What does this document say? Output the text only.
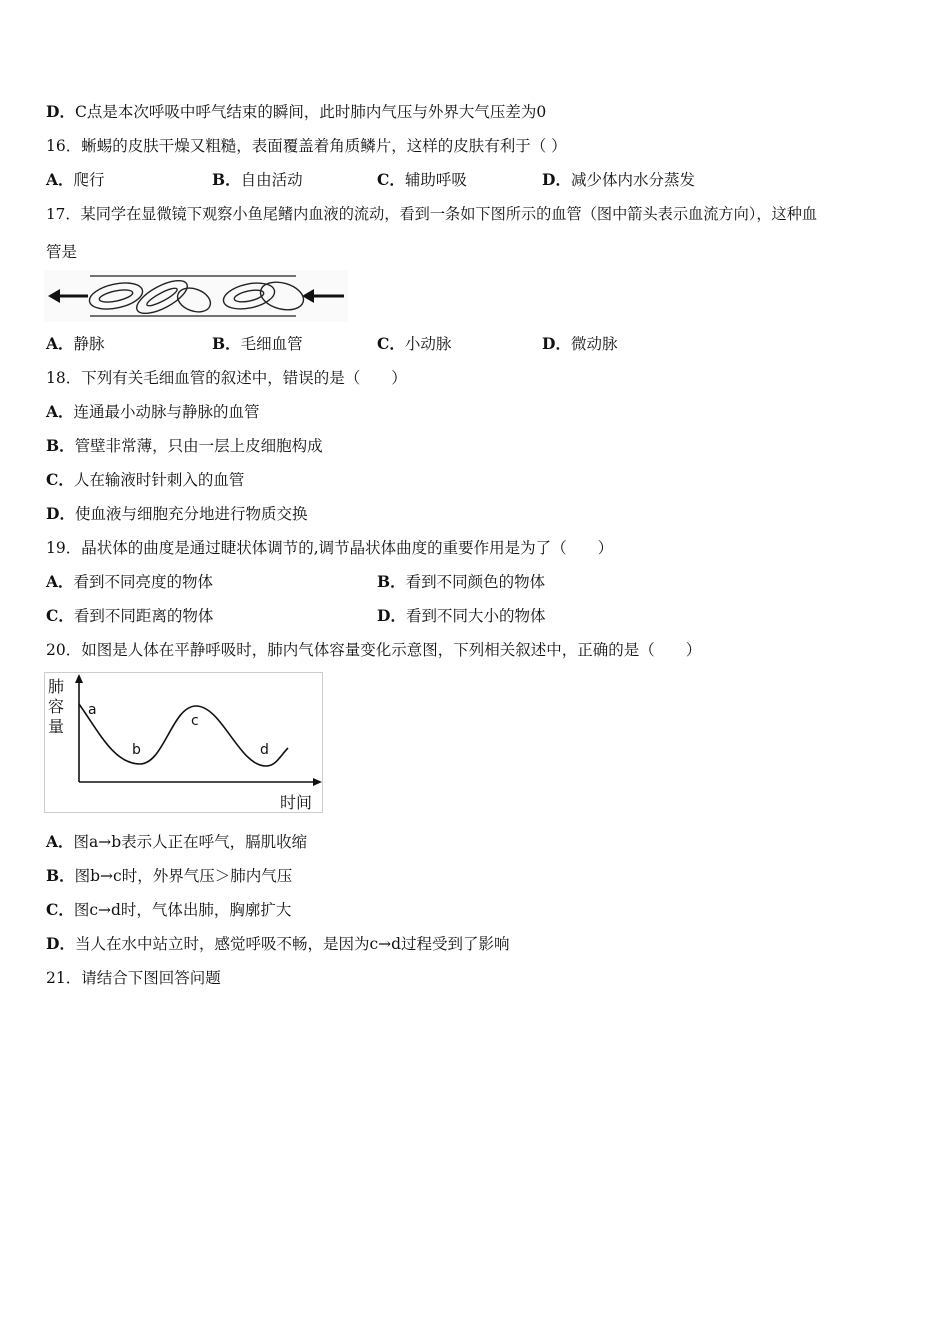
D．C点是本次呼吸中呼气结束的瞬间，此时肺内气压与外界大气压差为0
16．蜥蜴的皮肤干燥又粗糙，表面覆盖着角质鳞片，这样的皮肤有利于（ ）
A．爬行	B．自由活动	C．辅助呼吸	D．减少体内水分蒸发
17．某同学在显微镜下观察小鱼尾鳍内血液的流动，看到一条如下图所示的血管（图中箭头表示血流方向），这种血
管是
A．静脉	B．毛细血管	C．小动脉	D．微动脉
18．下列有关毛细血管的叙述中，错误的是（　　）
A．连通最小动脉与静脉的血管
B．管壁非常薄，只由一层上皮细胞构成
C．人在输液时针刺入的血管
D．使血液与细胞充分地进行物质交换
19．晶状体的曲度是通过睫状体调节的,调节晶状体曲度的重要作用是为了（　　）
A．看到不同亮度的物体	B．看到不同颜色的物体
C．看到不同距离的物体	D．看到不同大小的物体
20．如图是人体在平静呼吸时，肺内气体容量变化示意图，下列相关叙述中，正确的是（　　）
肺
容
量
时间
a
b
c
d
A．图a→b表示人正在呼气，膈肌收缩
B．图b→c时，外界气压＞肺内气压
C．图c→d时，气体出肺，胸廓扩大
D．当人在水中站立时，感觉呼吸不畅，是因为c→d过程受到了影响
21．请结合下图回答问题
